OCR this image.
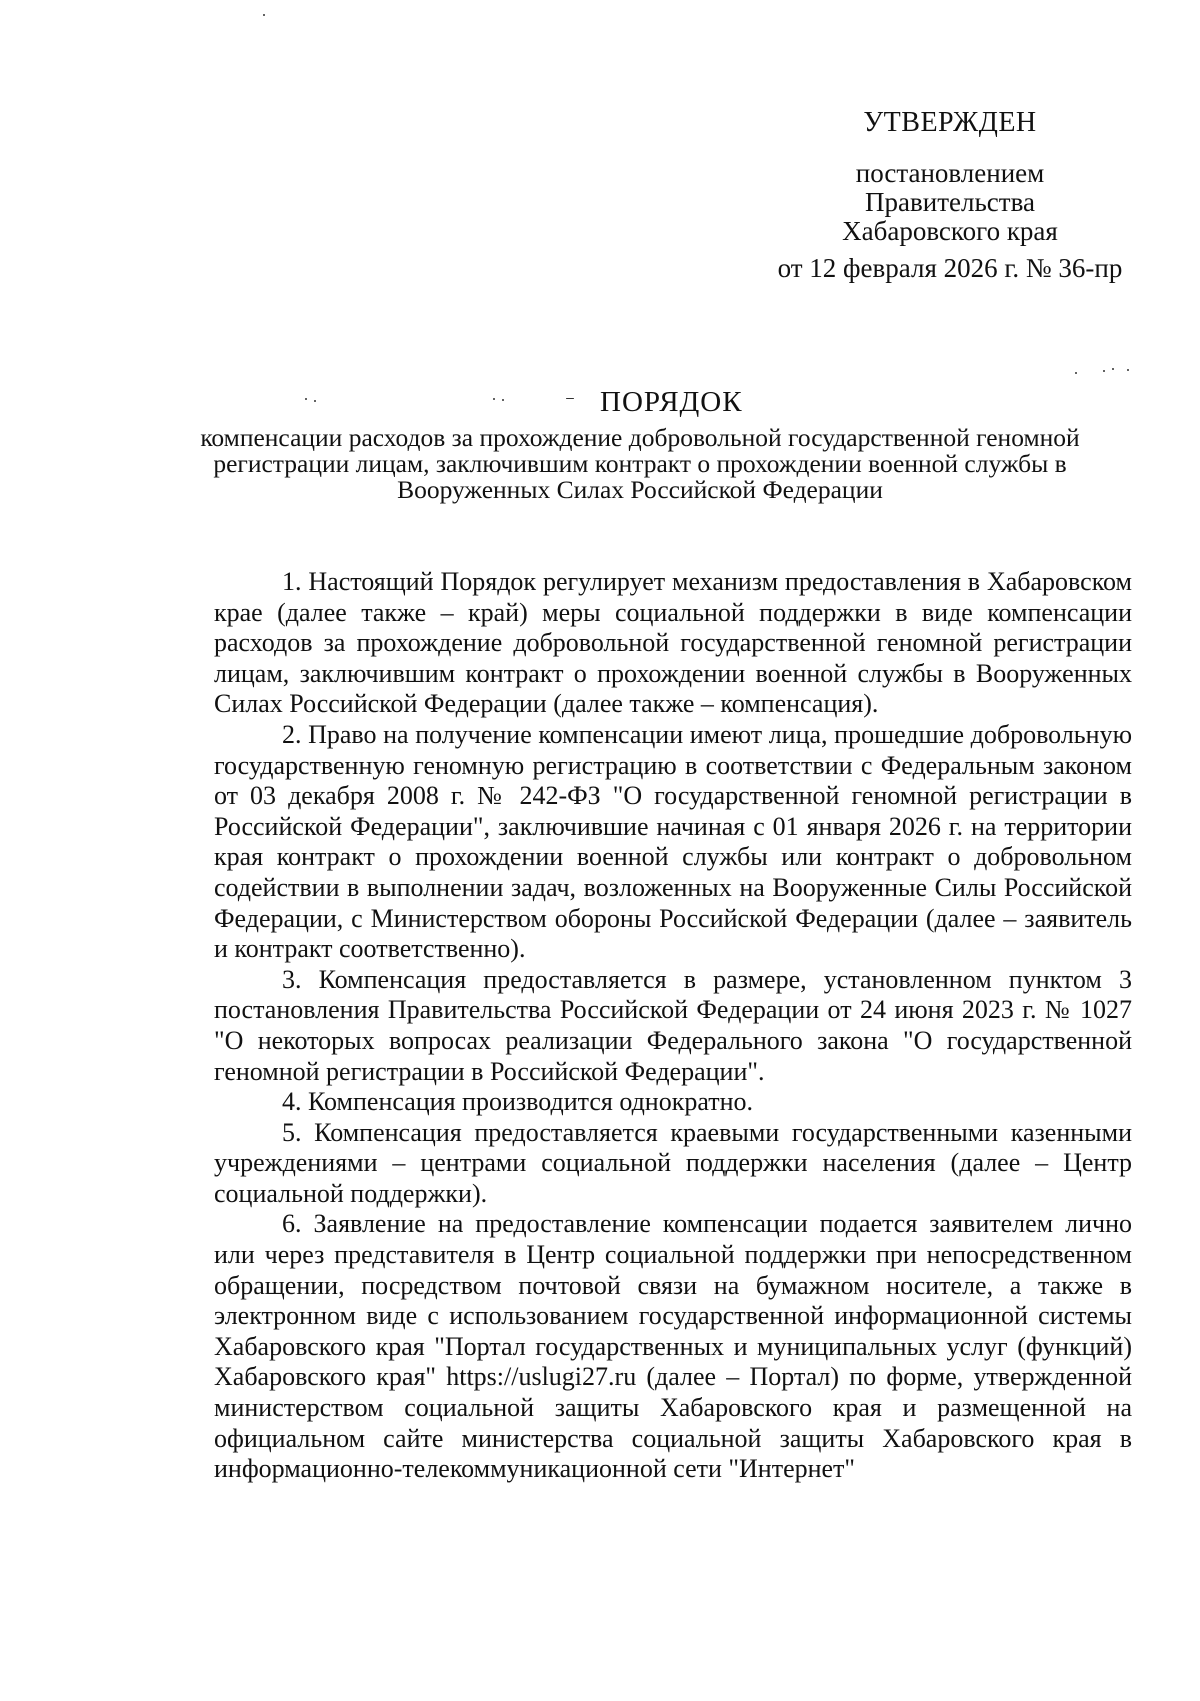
УТВЕРЖДЕН
постановлением
Правительства
Хабаровского края
от 12 февраля 2026 г. № 36-пр
ПОРЯДОК
компенсации расходов за прохождение добровольной государственной геномной регистрации лицам, заключившим контракт о прохождении военной службы в Вооруженных Силах Российской Федерации

1. Настоящий Порядок регулирует механизм предоставления в Хабаровском крае (далее также – край) меры социальной поддержки в виде компенсации расходов за прохождение добровольной государственной геномной регистрации лицам, заключившим контракт о прохождении военной службы в Вооруженных Силах Российской Федерации (далее также – компенсация).

2. Право на получение компенсации имеют лица, прошедшие добровольную государственную геномную регистрацию в соответствии с Федеральным законом от 03 декабря 2008 г. № 242-ФЗ "О государственной геномной регистрации в Российской Федерации", заключившие начиная с 01 января 2026 г. на территории края контракт о прохождении военной службы или контракт о добровольном содействии в выполнении задач, возложенных на Вооруженные Силы Российской Федерации, с Министерством обороны Российской Федерации (далее – заявитель и контракт соответственно).

3. Компенсация предоставляется в размере, установленном пунктом 3 постановления Правительства Российской Федерации от 24 июня 2023 г. № 1027 "О некоторых вопросах реализации Федерального закона "О государственной геномной регистрации в Российской Федерации".

4. Компенсация производится однократно.

5. Компенсация предоставляется краевыми государственными казенными учреждениями – центрами социальной поддержки населения (далее – Центр социальной поддержки).

6. Заявление на предоставление компенсации подается заявителем лично или через представителя в Центр социальной поддержки при непосредственном обращении, посредством почтовой связи на бумажном носителе, а также в электронном виде с использованием государственной информационной системы Хабаровского края "Портал государственных и муниципальных услуг (функций) Хабаровского края" https://uslugi27.ru (далее – Портал) по форме, утвержденной министерством социальной защиты Хабаровского края и размещенной на официальном сайте министерства социальной защиты Хабаровского края в информационно-телекоммуникационной сети "Интернет"
